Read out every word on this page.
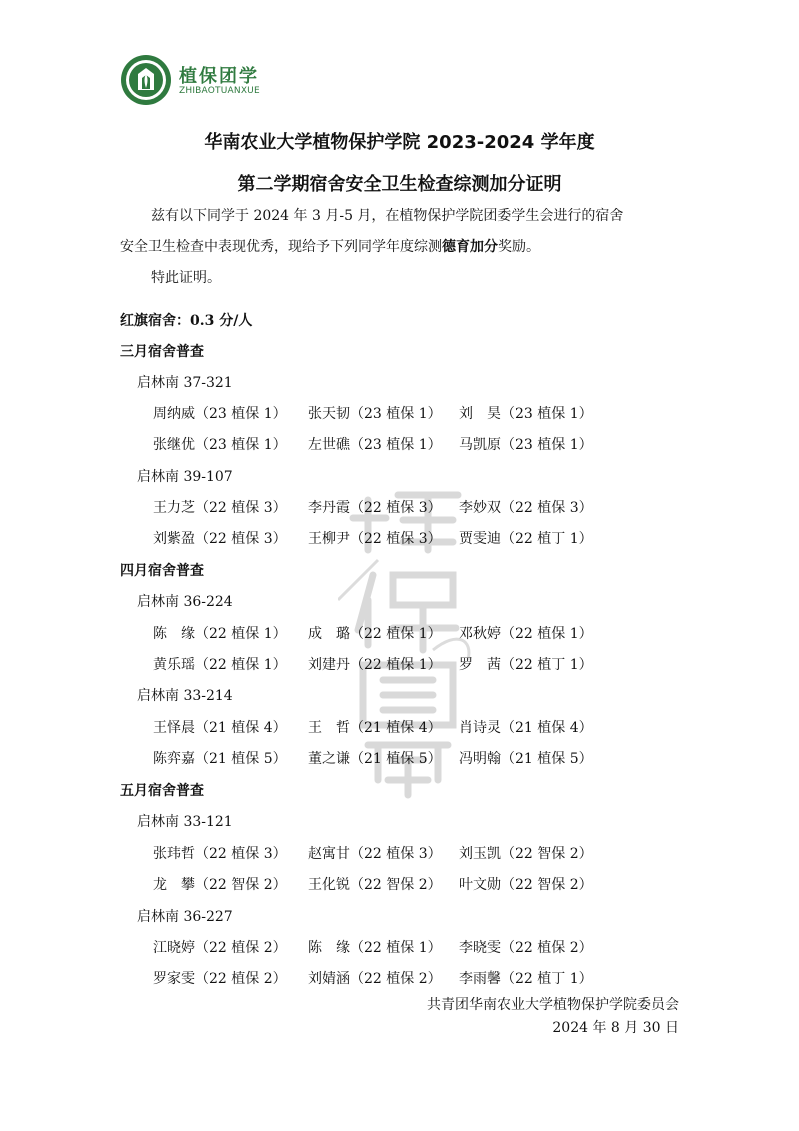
植保团学
ZHIBAOTUANXUE
华南农业大学植物保护学院 2023-2024 学年度
第二学期宿舍安全卫生检查综测加分证明
兹有以下同学于 2024 年 3 月-5 月，在植物保护学院团委学生会进行的宿舍
安全卫生检查中表现优秀，现给予下列同学年度综测德育加分奖励。
特此证明。
红旗宿舍：0.3 分/人
三月宿舍普查
启林南 37-321
周纳威（23 植保 1） 张天韧（23 植保 1） 刘　昊（23 植保 1）
张继优（23 植保 1） 左世礁（23 植保 1） 马凯原（23 植保 1）
启林南 39-107
王力芝（22 植保 3） 李丹霞（22 植保 3） 李妙双（22 植保 3）
刘紫盈（22 植保 3） 王柳尹（22 植保 3） 贾雯迪（22 植丁 1）
四月宿舍普查
启林南 36-224
陈　缘（22 植保 1） 成　璐（22 植保 1） 邓秋婷（22 植保 1）
黄乐瑶（22 植保 1） 刘建丹（22 植保 1） 罗　茜（22 植丁 1）
启林南 33-214
王怿晨（21 植保 4） 王　哲（21 植保 4） 肖诗灵（21 植保 4）
陈弈嘉（21 植保 5） 董之谦（21 植保 5） 冯明翰（21 植保 5）
五月宿舍普查
启林南 33-121
张玮哲（22 植保 3） 赵寓甘（22 植保 3） 刘玉凯（22 智保 2）
龙　攀（22 智保 2） 王化锐（22 智保 2） 叶文勋（22 智保 2）
启林南 36-227
江晓婷（22 植保 2） 陈　缘（22 植保 1） 李晓雯（22 植保 2）
罗家雯（22 植保 2） 刘婧涵（22 植保 2） 李雨馨（22 植丁 1）
共青团华南农业大学植物保护学院委员会
2024 年 8 月 30 日
